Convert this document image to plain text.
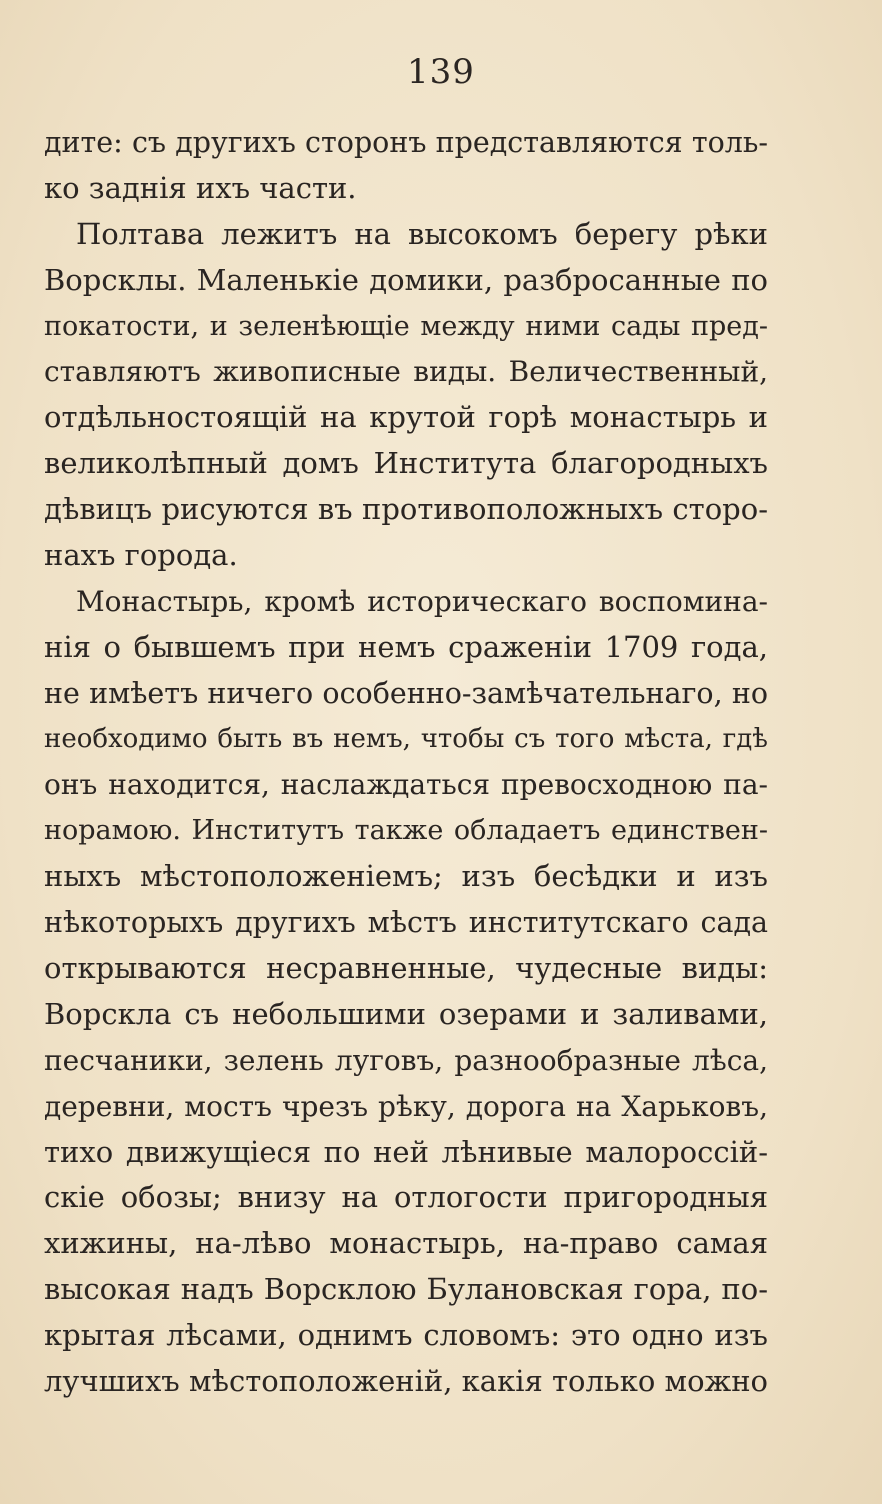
139
дите: съ другихъ сторонъ представляются толь-
ко заднія ихъ части.
Полтава лежитъ на высокомъ берегу рѣки
Ворсклы. Маленькіе домики, разбросанные по
покатости, и зеленѣющіе между ними сады пред-
ставляютъ живописные виды. Величественный,
отдѣльностоящій на крутой горѣ монастырь и
великолѣпный домъ Института благородныхъ
дѣвицъ рисуются въ противоположныхъ сторо-
нахъ города.
Монастырь, кромѣ историческаго воспомина-
нія о бывшемъ при немъ сраженіи 1709 года,
не имѣетъ ничего особенно-замѣчательнаго, но
необходимо быть въ немъ, чтобы съ того мѣста, гдѣ
онъ находится, наслаждаться превосходною па-
норамою. Институтъ также обладаетъ единствен-
ныхъ мѣстоположеніемъ; изъ бесѣдки и изъ
нѣкоторыхъ другихъ мѣстъ институтскаго сада
открываются несравненные, чудесные виды:
Ворскла съ небольшими озерами и заливами,
песчаники, зелень луговъ, разнообразные лѣса,
деревни, мостъ чрезъ рѣку, дорога на Харьковъ,
тихо движущіеся по ней лѣнивые малороссій-
скіе обозы; внизу на отлогости пригородныя
хижины, на-лѣво монастырь, на-право самая
высокая надъ Ворсклою Булановская гора, по-
крытая лѣсами, однимъ словомъ: это одно изъ
лучшихъ мѣстоположеній, какія только можно
